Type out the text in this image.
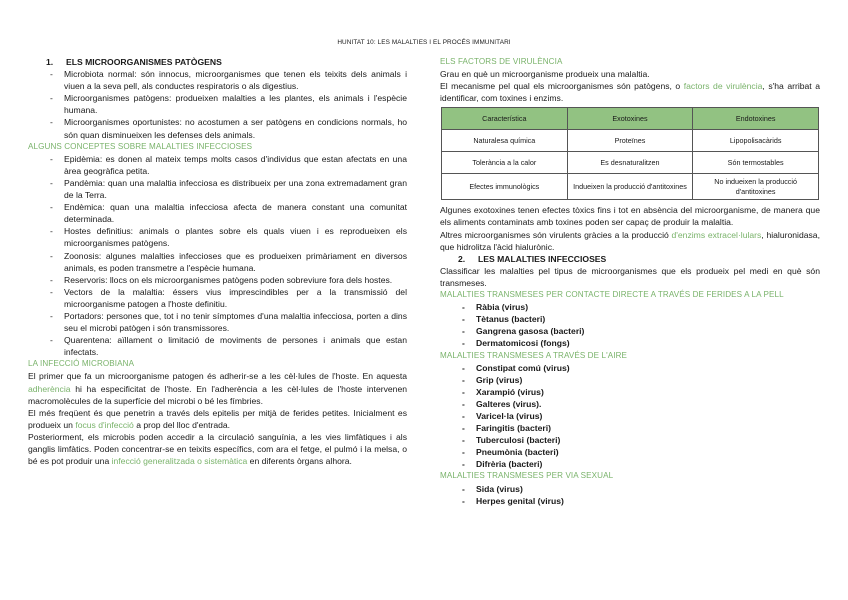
HUNITAT 10: LES MALALTIES I EL PROCÉS IMMUNITARI
1. ELS MICROORGANISMES PATÒGENS
- Microbiota normal: són innocus, microorganismes que tenen els teixits dels animals i viuen a la seva pell, als conductes respiratoris o als digestius.
- Microorganismes patògens: produeixen malalties a les plantes, els animals i l'espècie humana.
- Microorganismes oportunistes: no acostumen a ser patògens en condicions normals, ho són quan disminueixen les defenses dels animals.
ALGUNS CONCEPTES SOBRE MALALTIES INFECCIOSES
- Epidèmia: es donen al mateix temps molts casos d'individus que estan afectats en una àrea geogràfica petita.
- Pandèmia: quan una malaltia infecciosa es distribueix per una zona extremadament gran de la Terra.
- Endèmica: quan una malaltia infecciosa afecta de manera constant una comunitat determinada.
- Hostes definitius: animals o plantes sobre els quals viuen i es reprodueixen els microorganismes patògens.
- Zoonosis: algunes malalties infeccioses que es produeixen primàriament en diversos animals, es poden transmetre a l'espècie humana.
- Reservoris: llocs on els microorganismes patògens poden sobreviure fora dels hostes.
- Vectors de la malaltia: éssers vius imprescindibles per a la transmissió del microorganisme patogen a l'hoste definitiu.
- Portadors: persones que, tot i no tenir símptomes d'una malaltia infecciosa, porten a dins seu el microbi patògen i són transmissores.
- Quarentena: aïllament o limitació de moviments de persones i animals que estan infectats.
LA INFECCIÓ MICROBIANA

El primer que fa un microorganisme patogen és adherir-se a les cèl·lules de l'hoste. En aquesta adherència hi ha especificitat de l'hoste. En l'adherència a les cèl·lules de l'hoste intervenen macromolècules de la superfície del microbi o bé les fímbries.

El més freqüent és que penetrin a través dels epitelis per mitjà de ferides petites. Inicialment es produeix un focus d'infecció a prop del lloc d'entrada.

Posteriorment, els microbis poden accedir a la circulació sanguínia, a les vies limfàtiques i als ganglis limfàtics. Poden concentrar-se en teixits específics, com ara el fetge, el pulmó i la melsa, o bé es pot produir una infecció generalitzada o sistemàtica en diferents òrgans alhora.

ELS FACTORS DE VIRULÈNCIA

Grau en què un microorganisme produeix una malaltia.

El mecanisme pel qual els microorganismes són patògens, o factors de virulència, s'ha arribat a identificar, com toxines i enzims.

Característica	Exotoxines	Endotoxines
Naturalesa química	Proteïnes	Lipopolisacàrids
Tolerància a la calor	Es desnaturalitzen	Són termostables
Efectes immunològics	Indueixen la producció d'antitoxines	No indueixen la producció d'antitoxines

Algunes exotoxines tenen efectes tòxics fins i tot en absència del microorganisme, de manera que els aliments contaminats amb toxines poden ser capaç de produir la malaltia.

Altres microorganismes són virulents gràcies a la producció d'enzims extracel·lulars, hialuronidasa, que hidrolitza l'àcid hialurònic.

2. LES MALALTIES INFECCIOSES

Classificar les malalties pel tipus de microorganismes que els produeix pel medi en què són transmeses.

MALALTIES TRANSMESES PER CONTACTE DIRECTE A TRAVÉS DE FERIDES A LA PELL
- Ràbia (virus)
- Tètanus (bacteri)
- Gangrena gasosa (bacteri)
- Dermatomicosi (fongs)
MALALTIES TRANSMESES A TRAVÉS DE L'AIRE
- Constipat comú (virus)
- Grip (virus)
- Xarampió (virus)
- Galteres (virus).
- Varicel·la (virus)
- Faringitis (bacteri)
- Tuberculosi (bacteri)
- Pneumònia (bacteri)
- Difrèria (bacteri)
MALALTIES TRANSMESES PER VIA SEXUAL
- Sida (virus)
- Herpes genital (virus)
